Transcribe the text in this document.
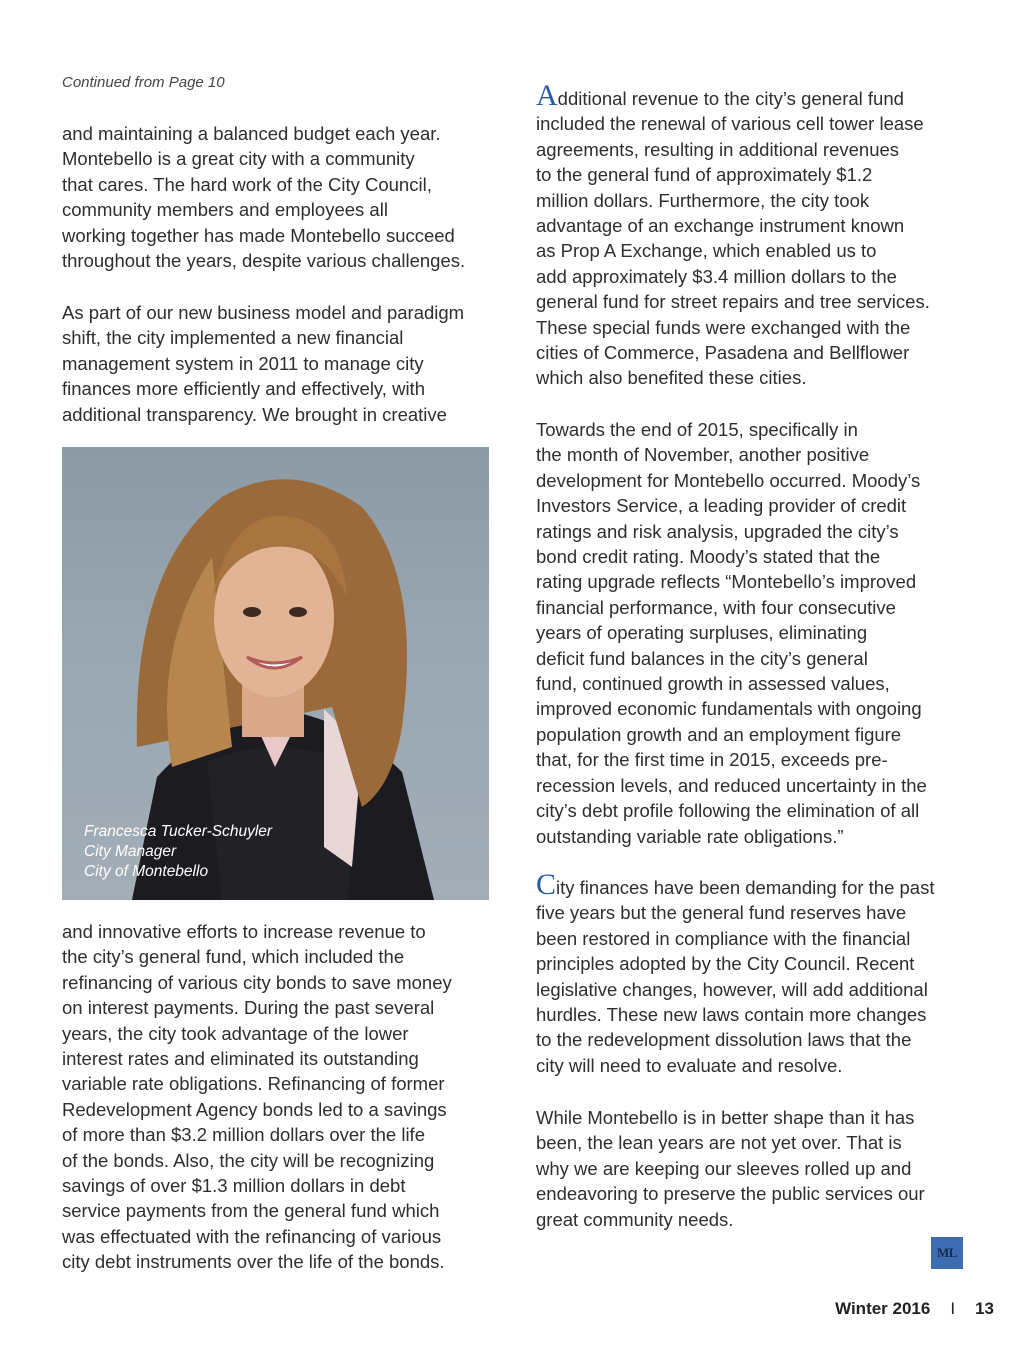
Continued from Page 10
and maintaining a balanced budget each year.
Montebello is a great city with a community
that cares. The hard work of the City Council,
community members and employees all
working together has made Montebello succeed
throughout the years, despite various challenges.
As part of our new business model and paradigm
shift, the city implemented a new financial
management system in 2011 to manage city
finances more efficiently and effectively, with
additional transparency. We brought in creative
Francesca Tucker-Schuyler
City Manager
City of Montebello
and innovative efforts to increase revenue to
the city’s general fund, which included the
refinancing of various city bonds to save money
on interest payments. During the past several
years, the city took advantage of the lower
interest rates and eliminated its outstanding
variable rate obligations. Refinancing of former
Redevelopment Agency bonds led to a savings
of more than $3.2 million dollars over the life
of the bonds. Also, the city will be recognizing
savings of over $1.3 million dollars in debt
service payments from the general fund which
was effectuated with the refinancing of various
city debt instruments over the life of the bonds.
Additional revenue to the city’s general fund
included the renewal of various cell tower lease
agreements, resulting in additional revenues
to the general fund of approximately $1.2
million dollars. Furthermore, the city took
advantage of an exchange instrument known
as Prop A Exchange, which enabled us to
add approximately $3.4 million dollars to the
general fund for street repairs and tree services.
These special funds were exchanged with the
cities of Commerce, Pasadena and Bellflower
which also benefited these cities.
Towards the end of 2015, specifically in
the month of November, another positive
development for Montebello occurred. Moody’s
Investors Service, a leading provider of credit
ratings and risk analysis, upgraded the city’s
bond credit rating. Moody’s stated that the
rating upgrade reflects “Montebello’s improved
financial performance, with four consecutive
years of operating surpluses, eliminating
deficit fund balances in the city’s general
fund, continued growth in assessed values,
improved economic fundamentals with ongoing
population growth and an employment figure
that, for the first time in 2015, exceeds pre-
recession levels, and reduced uncertainty in the
city’s debt profile following the elimination of all
outstanding variable rate obligations.”
City finances have been demanding for the past
five years but the general fund reserves have
been restored in compliance with the financial
principles adopted by the City Council. Recent
legislative changes, however, will add additional
hurdles. These new laws contain more changes
to the redevelopment dissolution laws that the
city will need to evaluate and resolve.
While Montebello is in better shape than it has
been, the lean years are not yet over. That is
why we are keeping our sleeves rolled up and
endeavoring to preserve the public services our
great community needs.
ML
Winter 2016 I 13
